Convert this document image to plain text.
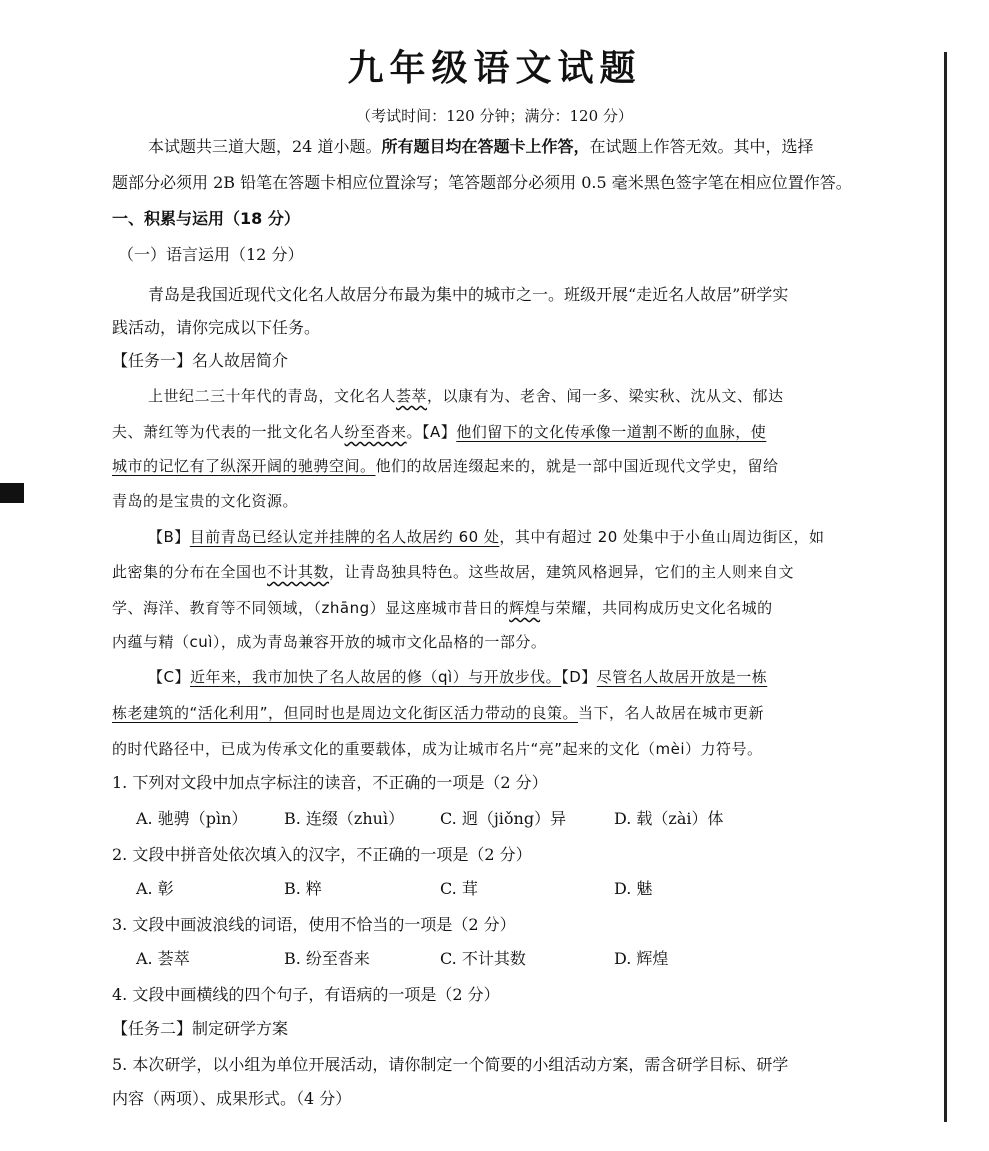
九年级语文试题
（考试时间：120 分钟；满分：120 分）
本试题共三道大题，24 道小题。所有题目均在答题卡上作答，在试题上作答无效。其中，选择
题部分必须用 2B 铅笔在答题卡相应位置涂写；笔答题部分必须用 0.5 毫米黑色签字笔在相应位置作答。
一、积累与运用（18 分）
（一）语言运用（12 分）
青岛是我国近现代文化名人故居分布最为集中的城市之一。班级开展“走近名人故居”研学实
践活动，请你完成以下任务。
【任务一】名人故居简介
上世纪二三十年代的青岛，文化名人荟萃，以康有为、老舍、闻一多、梁实秋、沈从文、郁达
夫、萧红等为代表的一批文化名人纷至沓来。【A】他们留下的文化传承像一道割不断的血脉，使
城市的记忆有了纵深开阔的驰骋空间。他们的故居连缀起来的，就是一部中国近现代文学史，留给
青岛的是宝贵的文化资源。
【B】目前青岛已经认定并挂牌的名人故居约 60 处，其中有超过 20 处集中于小鱼山周边街区，如
此密集的分布在全国也不计其数，让青岛独具特色。这些故居，建筑风格迥异，它们的主人则来自文
学、海洋、教育等不同领域，（zhāng）显这座城市昔日的辉煌与荣耀，共同构成历史文化名城的
内蕴与精（cuì），成为青岛兼容开放的城市文化品格的一部分。
【C】近年来，我市加快了名人故居的修（qì）与开放步伐。【D】尽管名人故居开放是一栋
栋老建筑的“活化利用”，但同时也是周边文化街区活力带动的良策。当下，名人故居在城市更新
的时代路径中，已成为传承文化的重要载体，成为让城市名片“亮”起来的文化（mèi）力符号。
1. 下列对文段中加点字标注的读音，不正确的一项是（2 分）
A. 驰骋（pìn） B. 连缀（zhuì） C. 迥（jiǒng）异	D. 载（zài）体
2. 文段中拼音处依次填入的汉字，不正确的一项是（2 分）
A. 彰	B. 粹	C. 茸	D. 魅
3. 文段中画波浪线的词语，使用不恰当的一项是（2 分）
A. 荟萃	B. 纷至沓来	C. 不计其数	D. 辉煌
4. 文段中画横线的四个句子，有语病的一项是（2 分）
【任务二】制定研学方案
5. 本次研学，以小组为单位开展活动，请你制定一个简要的小组活动方案，需含研学目标、研学
内容（两项）、成果形式。（4 分）
